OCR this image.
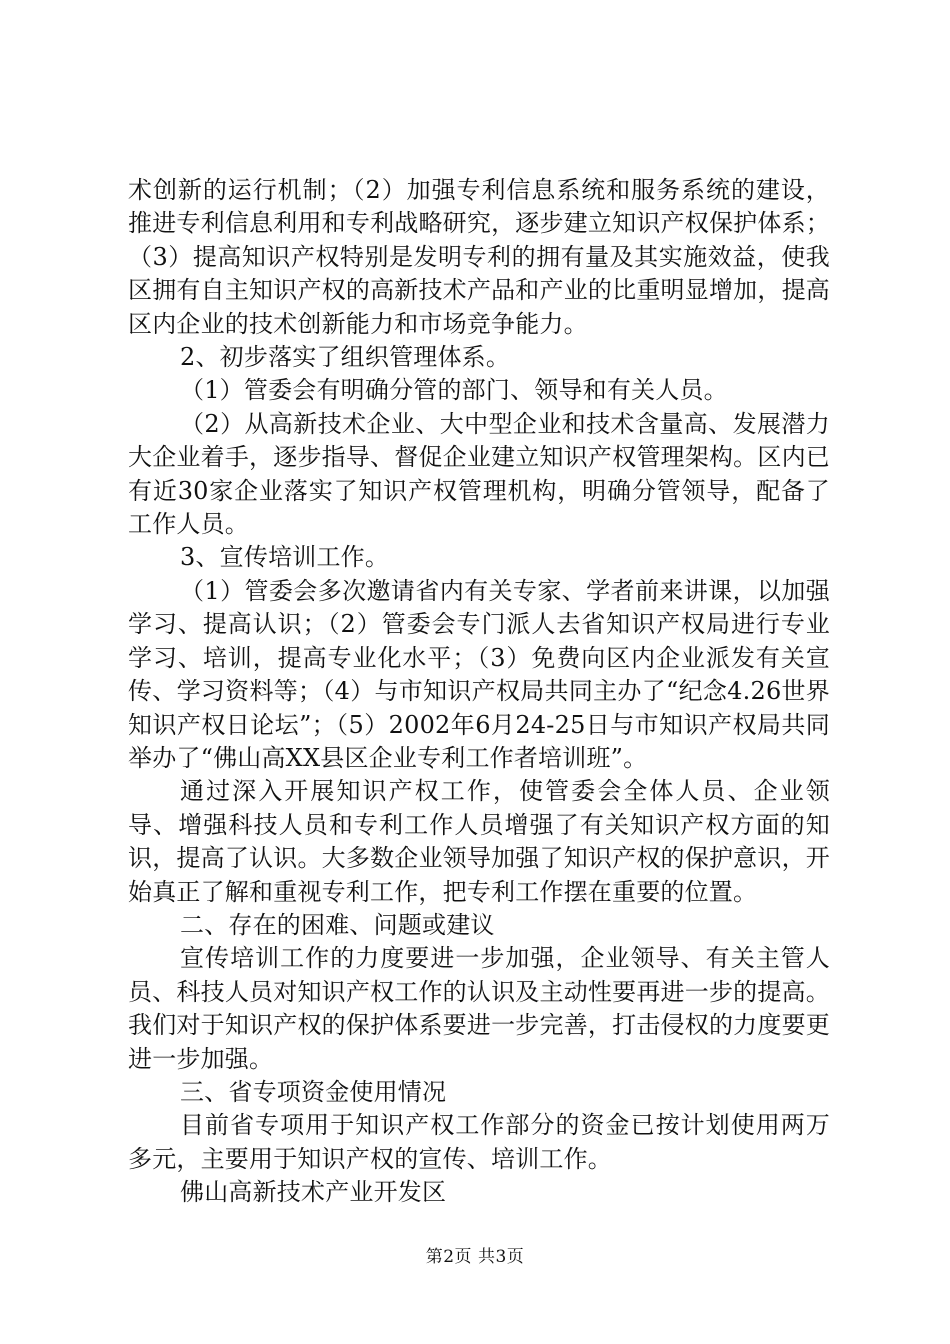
术创新的运行机制；（2）加强专利信息系统和服务系统的建设，推进专利信息利用和专利战略研究，逐步建立知识产权保护体系；（3）提高知识产权特别是发明专利的拥有量及其实施效益，使我区拥有自主知识产权的高新技术产品和产业的比重明显增加，提高区内企业的技术创新能力和市场竞争能力。

2、初步落实了组织管理体系。

（1）管委会有明确分管的部门、领导和有关人员。

（2）从高新技术企业、大中型企业和技术含量高、发展潜力大企业着手，逐步指导、督促企业建立知识产权管理架构。区内已有近30家企业落实了知识产权管理机构，明确分管领导，配备了工作人员。

3、宣传培训工作。

（1）管委会多次邀请省内有关专家、学者前来讲课，以加强学习、提高认识；（2）管委会专门派人去省知识产权局进行专业学习、培训，提高专业化水平；（3）免费向区内企业派发有关宣传、学习资料等；（4）与市知识产权局共同主办了“纪念4.26世界知识产权日论坛”；（5）2002年6月24-25日与市知识产权局共同举办了“佛山高XX县区企业专利工作者培训班”。

通过深入开展知识产权工作，使管委会全体人员、企业领导、增强科技人员和专利工作人员增强了有关知识产权方面的知识，提高了认识。大多数企业领导加强了知识产权的保护意识，开始真正了解和重视专利工作，把专利工作摆在重要的位置。

二、存在的困难、问题或建议

宣传培训工作的力度要进一步加强，企业领导、有关主管人员、科技人员对知识产权工作的认识及主动性要再进一步的提高。我们对于知识产权的保护体系要进一步完善，打击侵权的力度要更进一步加强。

三、省专项资金使用情况

目前省专项用于知识产权工作部分的资金已按计划使用两万多元，主要用于知识产权的宣传、培训工作。

佛山高新技术产业开发区

第2页 共3页
